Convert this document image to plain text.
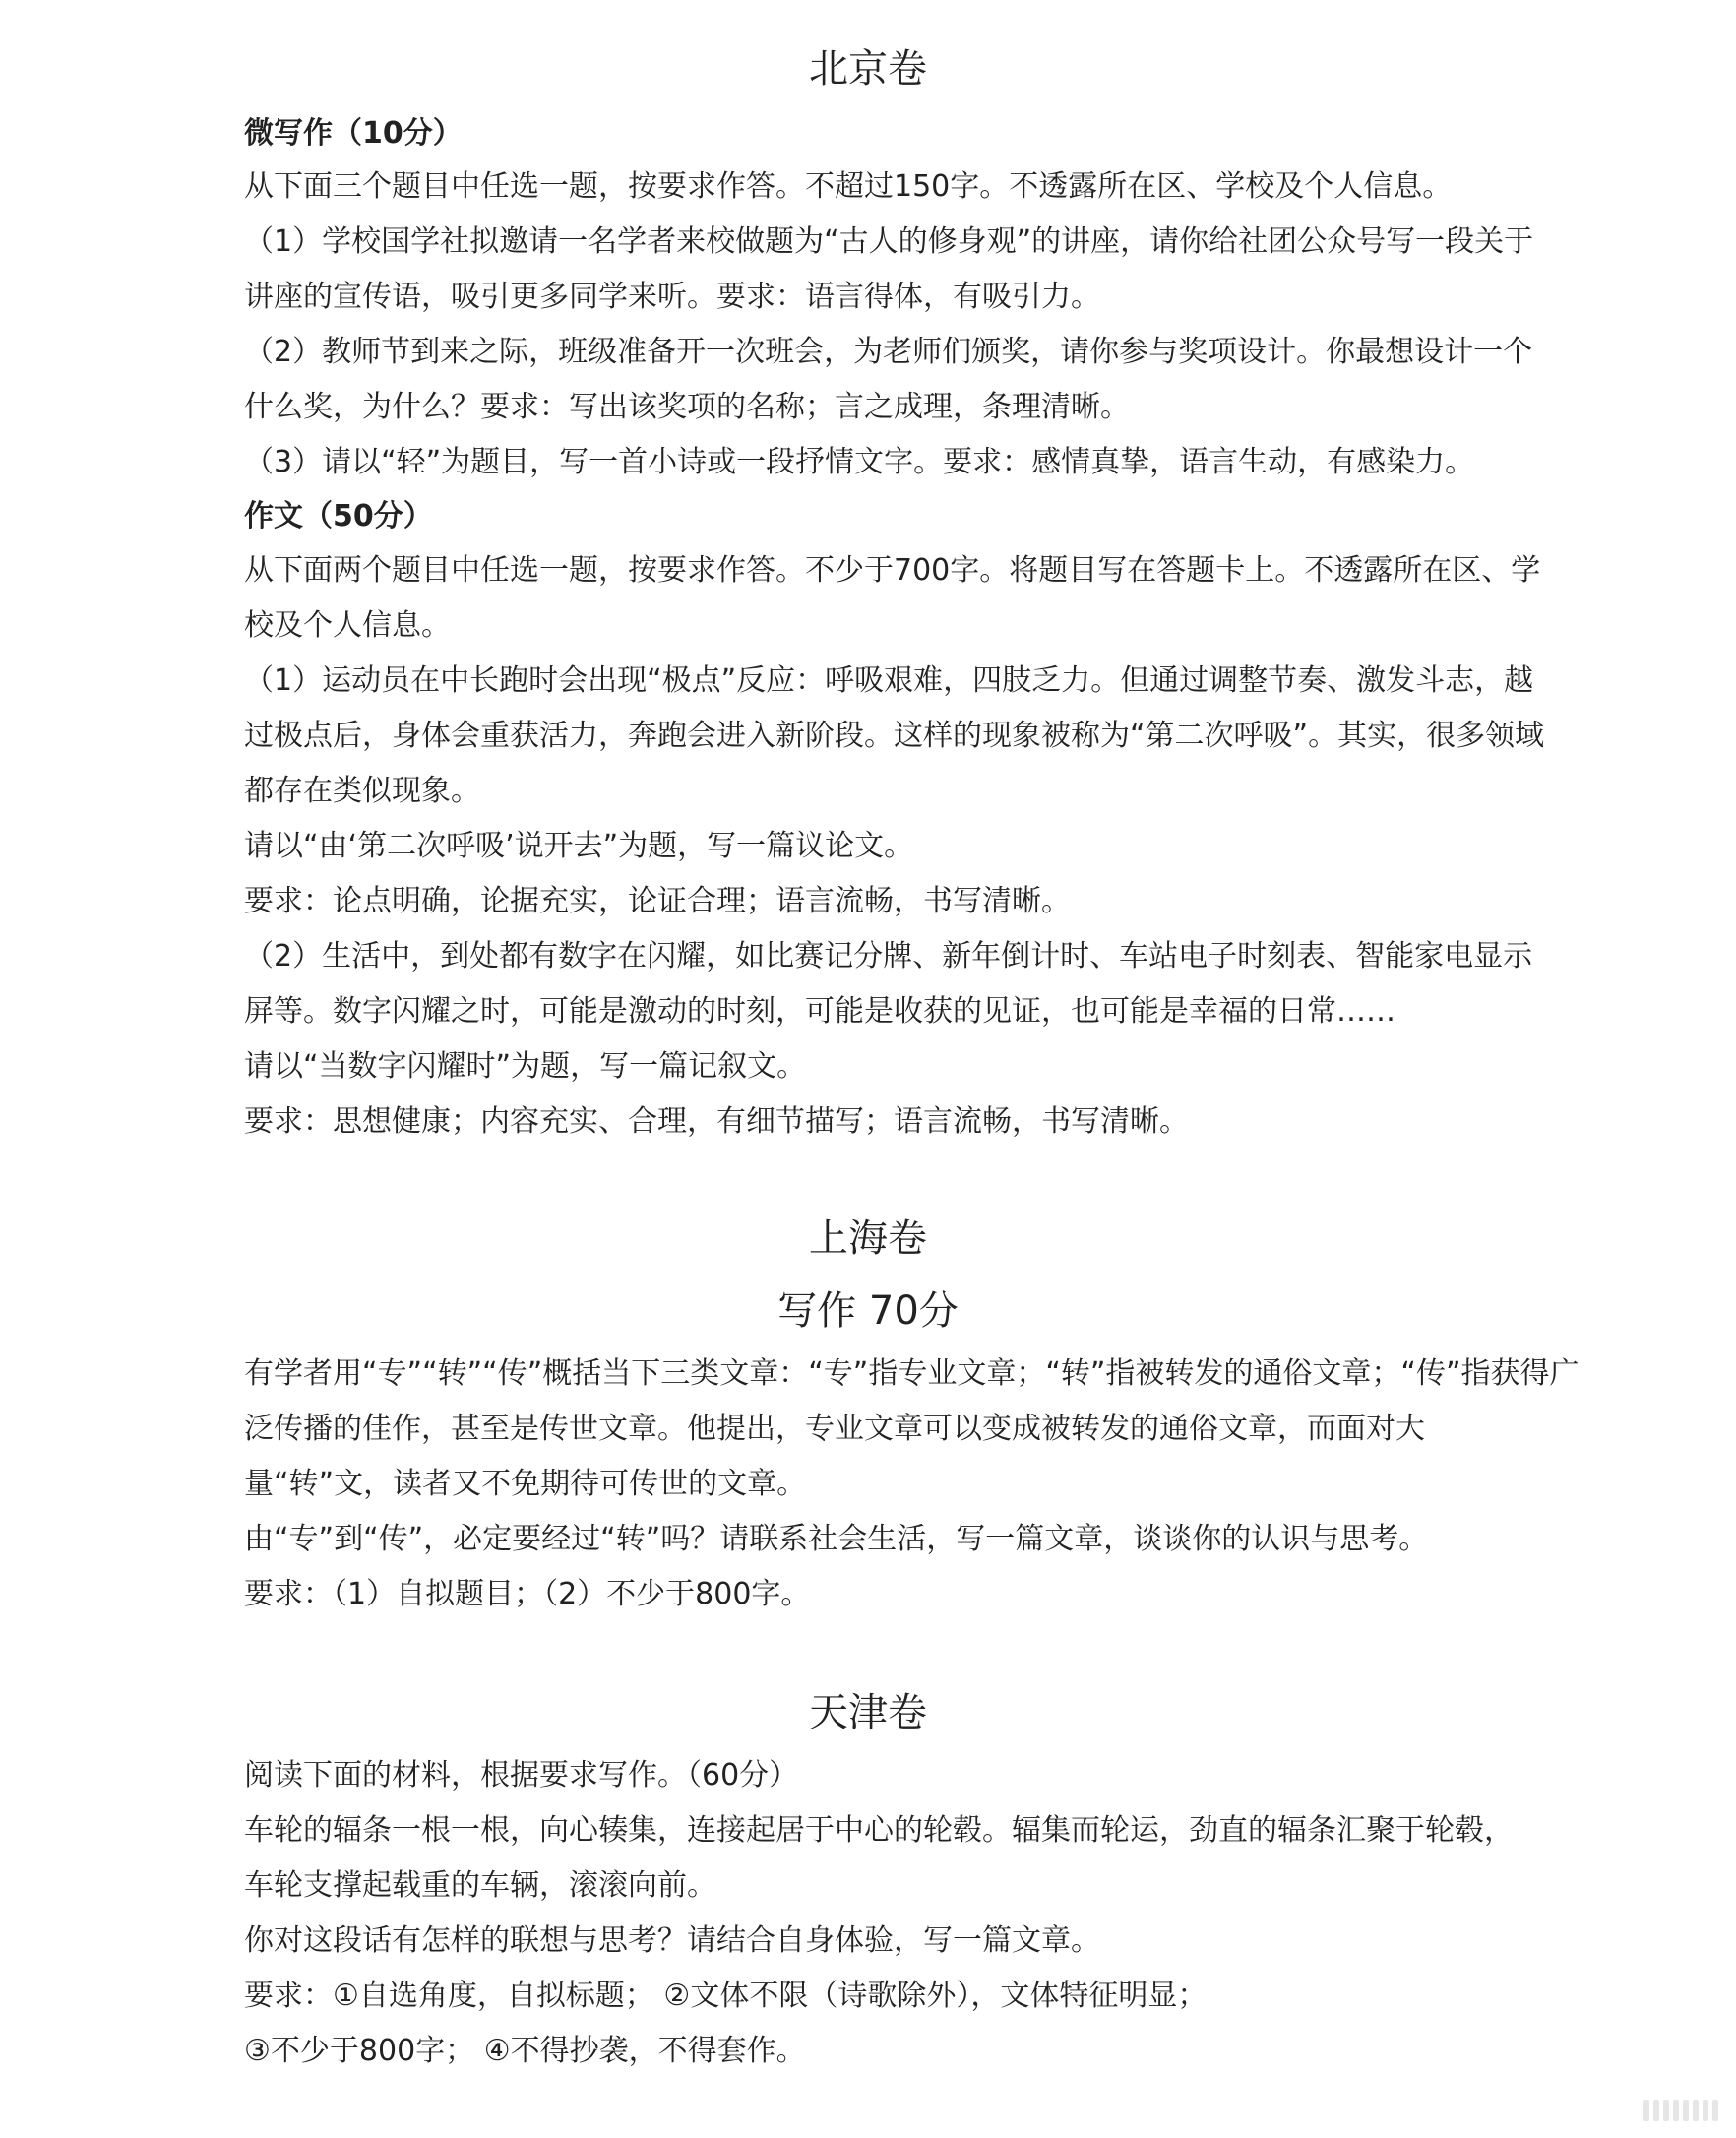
北京卷
微写作（10分）
从下面三个题目中任选一题，按要求作答。不超过150字。不透露所在区、学校及个人信息。
（1）学校国学社拟邀请一名学者来校做题为“古人的修身观”的讲座，请你给社团公众号写一段关于
讲座的宣传语，吸引更多同学来听。要求：语言得体，有吸引力。
（2）教师节到来之际，班级准备开一次班会，为老师们颁奖，请你参与奖项设计。你最想设计一个
什么奖，为什么？要求：写出该奖项的名称；言之成理，条理清晰。
（3）请以“轻”为题目，写一首小诗或一段抒情文字。要求：感情真挚，语言生动，有感染力。
作文（50分）
从下面两个题目中任选一题，按要求作答。不少于700字。将题目写在答题卡上。不透露所在区、学
校及个人信息。
（1）运动员在中长跑时会出现“极点”反应：呼吸艰难，四肢乏力。但通过调整节奏、激发斗志，越
过极点后，身体会重获活力，奔跑会进入新阶段。这样的现象被称为“第二次呼吸”。其实，很多领域
都存在类似现象。
请以“由‘第二次呼吸’说开去”为题，写一篇议论文。
要求：论点明确，论据充实，论证合理；语言流畅，书写清晰。
（2）生活中，到处都有数字在闪耀，如比赛记分牌、新年倒计时、车站电子时刻表、智能家电显示
屏等。数字闪耀之时，可能是激动的时刻，可能是收获的见证，也可能是幸福的日常……
请以“当数字闪耀时”为题，写一篇记叙文。
要求：思想健康；内容充实、合理，有细节描写；语言流畅，书写清晰。
上海卷
写作 70分
有学者用“专”“转”“传”概括当下三类文章：“专”指专业文章；“转”指被转发的通俗文章；“传”指获得广
泛传播的佳作，甚至是传世文章。他提出，专业文章可以变成被转发的通俗文章，而面对大
量“转”文，读者又不免期待可传世的文章。
由“专”到“传”，必定要经过“转”吗？请联系社会生活，写一篇文章，谈谈你的认识与思考。
要求：（1）自拟题目；（2）不少于800字。
天津卷
阅读下面的材料，根据要求写作。（60分）
车轮的辐条一根一根，向心辏集，连接起居于中心的轮毂。辐集而轮运，劲直的辐条汇聚于轮毂，
车轮支撑起载重的车辆，滚滚向前。
你对这段话有怎样的联想与思考？请结合自身体验，写一篇文章。
要求：①自选角度，自拟标题； ②文体不限（诗歌除外），文体特征明显；
③不少于800字； ④不得抄袭，不得套作。
